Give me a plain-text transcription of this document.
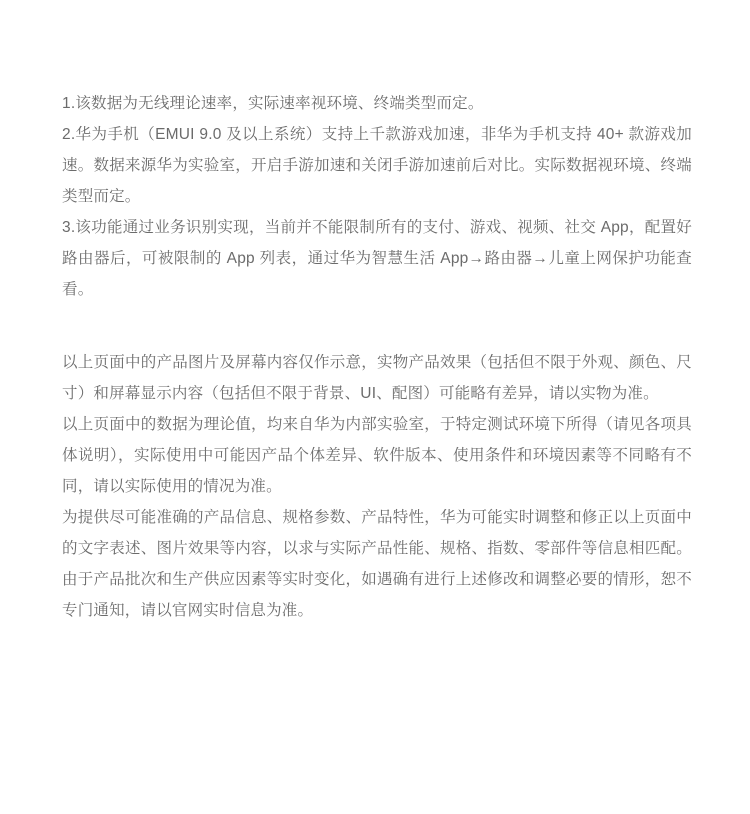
1.该数据为无线理论速率，实际速率视环境、终端类型而定。

2.华为手机（EMUI 9.0 及以上系统）支持上千款游戏加速，非华为手机支持 40+ 款游戏加速。数据来源华为实验室，开启手游加速和关闭手游加速前后对比。实际数据视环境、终端类型而定。

3.该功能通过业务识别实现，当前并不能限制所有的支付、游戏、视频、社交 App，配置好路由器后，可被限制的 App 列表，通过华为智慧生活 App→路由器→儿童上网保护功能查看。

以上页面中的产品图片及屏幕内容仅作示意，实物产品效果（包括但不限于外观、颜色、尺寸）和屏幕显示内容（包括但不限于背景、UI、配图）可能略有差异，请以实物为准。

以上页面中的数据为理论值，均来自华为内部实验室，于特定测试环境下所得（请见各项具体说明），实际使用中可能因产品个体差异、软件版本、使用条件和环境因素等不同略有不同，请以实际使用的情况为准。

为提供尽可能准确的产品信息、规格参数、产品特性，华为可能实时调整和修正以上页面中的文字表述、图片效果等内容，以求与实际产品性能、规格、指数、零部件等信息相匹配。由于产品批次和生产供应因素等实时变化，如遇确有进行上述修改和调整必要的情形，恕不专门通知，请以官网实时信息为准。
